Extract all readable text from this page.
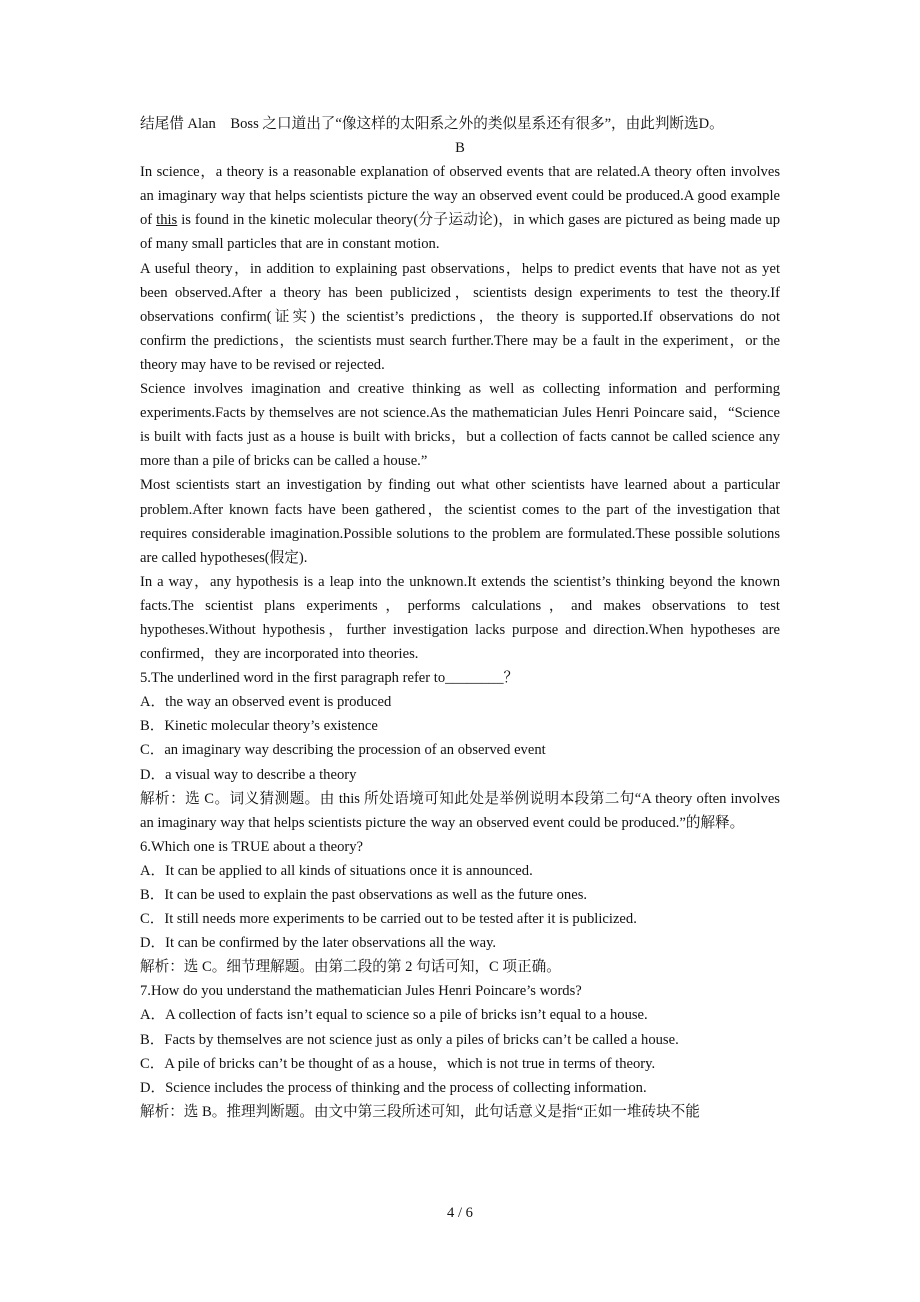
结尾借 Alan    Boss 之口道出了“像这样的太阳系之外的类似星系还有很多”，由此判断选D。

B

In science，a theory is a reasonable explanation of observed events that are related.A theory often involves an imaginary way that helps scientists picture the way an observed event could be produced.A good example of this is found in the kinetic molecular theory(分子运动论)，in which gases are pictured as being made up of many small particles that are in constant motion.

A useful theory，in addition to explaining past observations，helps to predict events that have not as yet been observed.After a theory has been publicized，scientists design experiments to test the theory.If observations confirm(证实) the scientist’s predictions，the theory is supported.If observations do not confirm the predictions，the scientists must search further.There may be a fault in the experiment，or the theory may have to be revised or rejected.

Science involves imagination and creative thinking as well as collecting information and performing experiments.Facts by themselves are not science.As the mathematician Jules Henri Poincare said，“Science is built with facts just as a house is built with bricks，but a collection of facts cannot be called science any more than a pile of bricks can be called a house.”

Most scientists start an investigation by finding out what other scientists have learned about a particular problem.After known facts have been gathered，the scientist comes to the part of the investigation that requires considerable imagination.Possible solutions to the problem are formulated.These possible solutions are called hypotheses(假定).

In a way，any hypothesis is a leap into the unknown.It extends the scientist’s thinking beyond the known facts.The scientist plans experiments，performs calculations，and makes observations to test hypotheses.Without hypothesis，further investigation lacks purpose and direction.When hypotheses are confirmed，they are incorporated into theories.

5.The underlined word in the first paragraph refer to________？

A．the way an observed event is produced

B．Kinetic molecular theory’s existence

C．an imaginary way describing the procession of an observed event

D．a visual way to describe a theory

解析：选 C。词义猜测题。由 this 所处语境可知此处是举例说明本段第二句“A theory often involves an imaginary way that helps scientists picture the way an observed event could be produced.”的解释。

6.Which one is TRUE about a theory?

A．It can be applied to all kinds of situations once it is announced.

B．It can be used to explain the past observations as well as the future ones.

C．It still needs more experiments to be carried out to be tested after it is publicized.

D．It can be confirmed by the later observations all the way.

解析：选 C。细节理解题。由第二段的第 2 句话可知，C 项正确。

7.How do you understand the mathematician Jules Henri Poincare’s words?

A．A collection of facts isn’t equal to science so a pile of bricks isn’t equal to a house.

B．Facts by themselves are not science just as only a piles of bricks can’t be called a house.

C．A pile of bricks can’t be thought of as a house，which is not true in terms of theory.

D．Science includes the process of thinking and the process of collecting information.

解析：选 B。推理判断题。由文中第三段所述可知，此句话意义是指“正如一堆砖块不能

4 / 6
